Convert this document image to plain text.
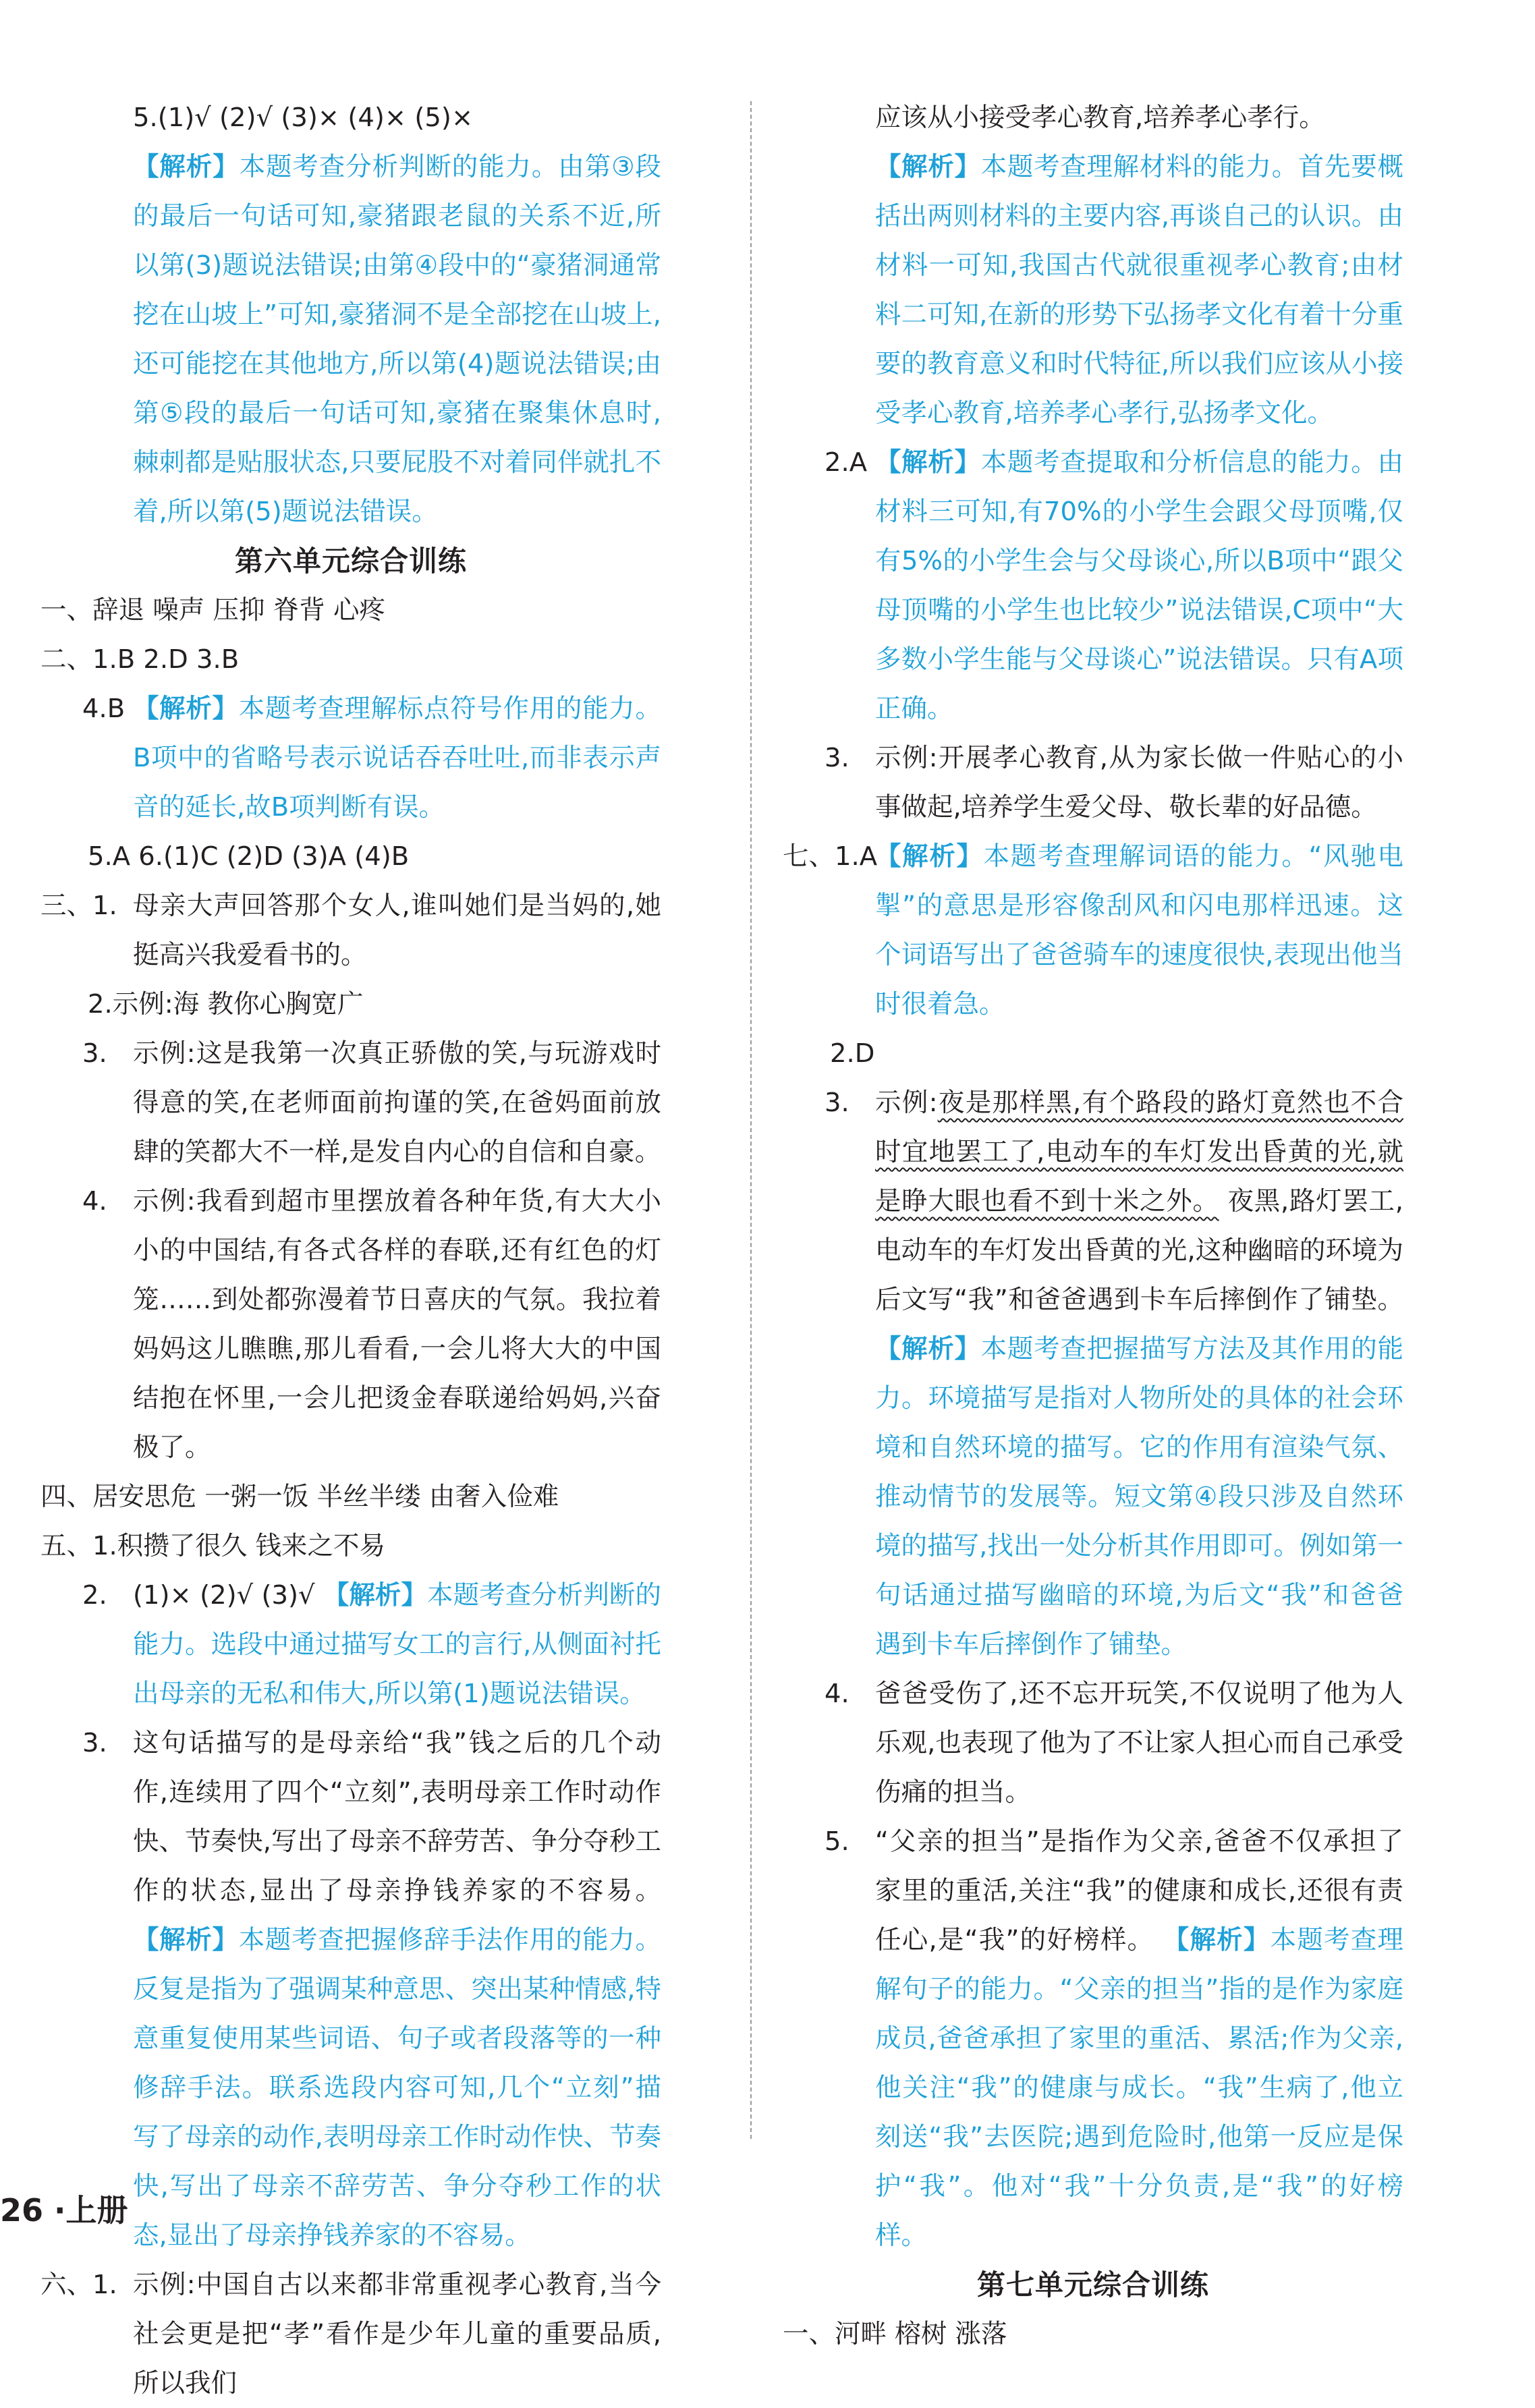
5.(1)√ (2)√ (3)× (4)× (5)×
【解析】本题考查分析判断的能力。由第③段的最后一句话可知,豪猪跟老鼠的关系不近,所以第(3)题说法错误;由第④段中的“豪猪洞通常挖在山坡上”可知,豪猪洞不是全部挖在山坡上,还可能挖在其他地方,所以第(4)题说法错误;由第⑤段的最后一句话可知,豪猪在聚集休息时,棘刺都是贴服状态,只要屁股不对着同伴就扎不着,所以第(5)题说法错误。
第六单元综合训练
一、辞退 噪声 压抑 脊背 心疼
二、1.B 2.D 3.B
4.B 【解析】本题考查理解标点符号作用的能力。B项中的省略号表示说话吞吞吐吐,而非表示声音的延长,故B项判断有误。
5.A 6.(1)C (2)D (3)A (4)B
三、1. 母亲大声回答那个女人,谁叫她们是当妈的,她挺高兴我爱看书的。
2.示例:海 教你心胸宽广
3. 示例:这是我第一次真正骄傲的笑,与玩游戏时得意的笑,在老师面前拘谨的笑,在爸妈面前放肆的笑都大不一样,是发自内心的自信和自豪。
4. 示例:我看到超市里摆放着各种年货,有大大小小的中国结,有各式各样的春联,还有红色的灯笼……到处都弥漫着节日喜庆的气氛。我拉着妈妈这儿瞧瞧,那儿看看,一会儿将大大的中国结抱在怀里,一会儿把烫金春联递给妈妈,兴奋极了。
四、居安思危 一粥一饭 半丝半缕 由奢入俭难
五、1.积攒了很久 钱来之不易
2. (1)× (2)√ (3)√ 【解析】本题考查分析判断的能力。选段中通过描写女工的言行,从侧面衬托出母亲的无私和伟大,所以第(1)题说法错误。
3. 这句话描写的是母亲给“我”钱之后的几个动作,连续用了四个“立刻”,表明母亲工作时动作快、节奏快,写出了母亲不辞劳苦、争分夺秒工作的状态,显出了母亲挣钱养家的不容易。 【解析】本题考查把握修辞手法作用的能力。反复是指为了强调某种意思、突出某种情感,特意重复使用某些词语、句子或者段落等的一种修辞手法。联系选段内容可知,几个“立刻”描写了母亲的动作,表明母亲工作时动作快、节奏快,写出了母亲不辞劳苦、争分夺秒工作的状态,显出了母亲挣钱养家的不容易。
六、1. 示例:中国自古以来都非常重视孝心教育,当今社会更是把“孝”看作是少年儿童的重要品质,所以我们
应该从小接受孝心教育,培养孝心孝行。
【解析】本题考查理解材料的能力。首先要概括出两则材料的主要内容,再谈自己的认识。由材料一可知,我国古代就很重视孝心教育;由材料二可知,在新的形势下弘扬孝文化有着十分重要的教育意义和时代特征,所以我们应该从小接受孝心教育,培养孝心孝行,弘扬孝文化。
2.A 【解析】本题考查提取和分析信息的能力。由材料三可知,有70%的小学生会跟父母顶嘴,仅有5%的小学生会与父母谈心,所以B项中“跟父母顶嘴的小学生也比较少”说法错误,C项中“大多数小学生能与父母谈心”说法错误。只有A项正确。
3. 示例:开展孝心教育,从为家长做一件贴心的小事做起,培养学生爱父母、敬长辈的好品德。
七、1.A
【解析】本题考查理解词语的能力。“风驰电掣”的意思是形容像刮风和闪电那样迅速。这个词语写出了爸爸骑车的速度很快,表现出他当时很着急。
2.D
3. 示例:夜是那样黑,有个路段的路灯竟然也不合时宜地罢工了,电动车的车灯发出昏黄的光,就是睁大眼也看不到十米之外。 夜黑,路灯罢工,电动车的车灯发出昏黄的光,这种幽暗的环境为后文写“我”和爸爸遇到卡车后摔倒作了铺垫。 【解析】本题考查把握描写方法及其作用的能力。环境描写是指对人物所处的具体的社会环境和自然环境的描写。它的作用有渲染气氛、推动情节的发展等。短文第④段只涉及自然环境的描写,找出一处分析其作用即可。例如第一句话通过描写幽暗的环境,为后文“我”和爸爸遇到卡车后摔倒作了铺垫。
4. 爸爸受伤了,还不忘开玩笑,不仅说明了他为人乐观,也表现了他为了不让家人担心而自己承受伤痛的担当。
5. “父亲的担当”是指作为父亲,爸爸不仅承担了家里的重活,关注“我”的健康和成长,还很有责任心,是“我”的好榜样。 【解析】本题考查理解句子的能力。“父亲的担当”指的是作为家庭成员,爸爸承担了家里的重活、累活;作为父亲,他关注“我”的健康与成长。“我”生病了,他立刻送“我”去医院;遇到危险时,他第一反应是保护“我”。他对“我”十分负责,是“我”的好榜样。
第七单元综合训练
一、河畔 榕树 涨落
26 ·上册
